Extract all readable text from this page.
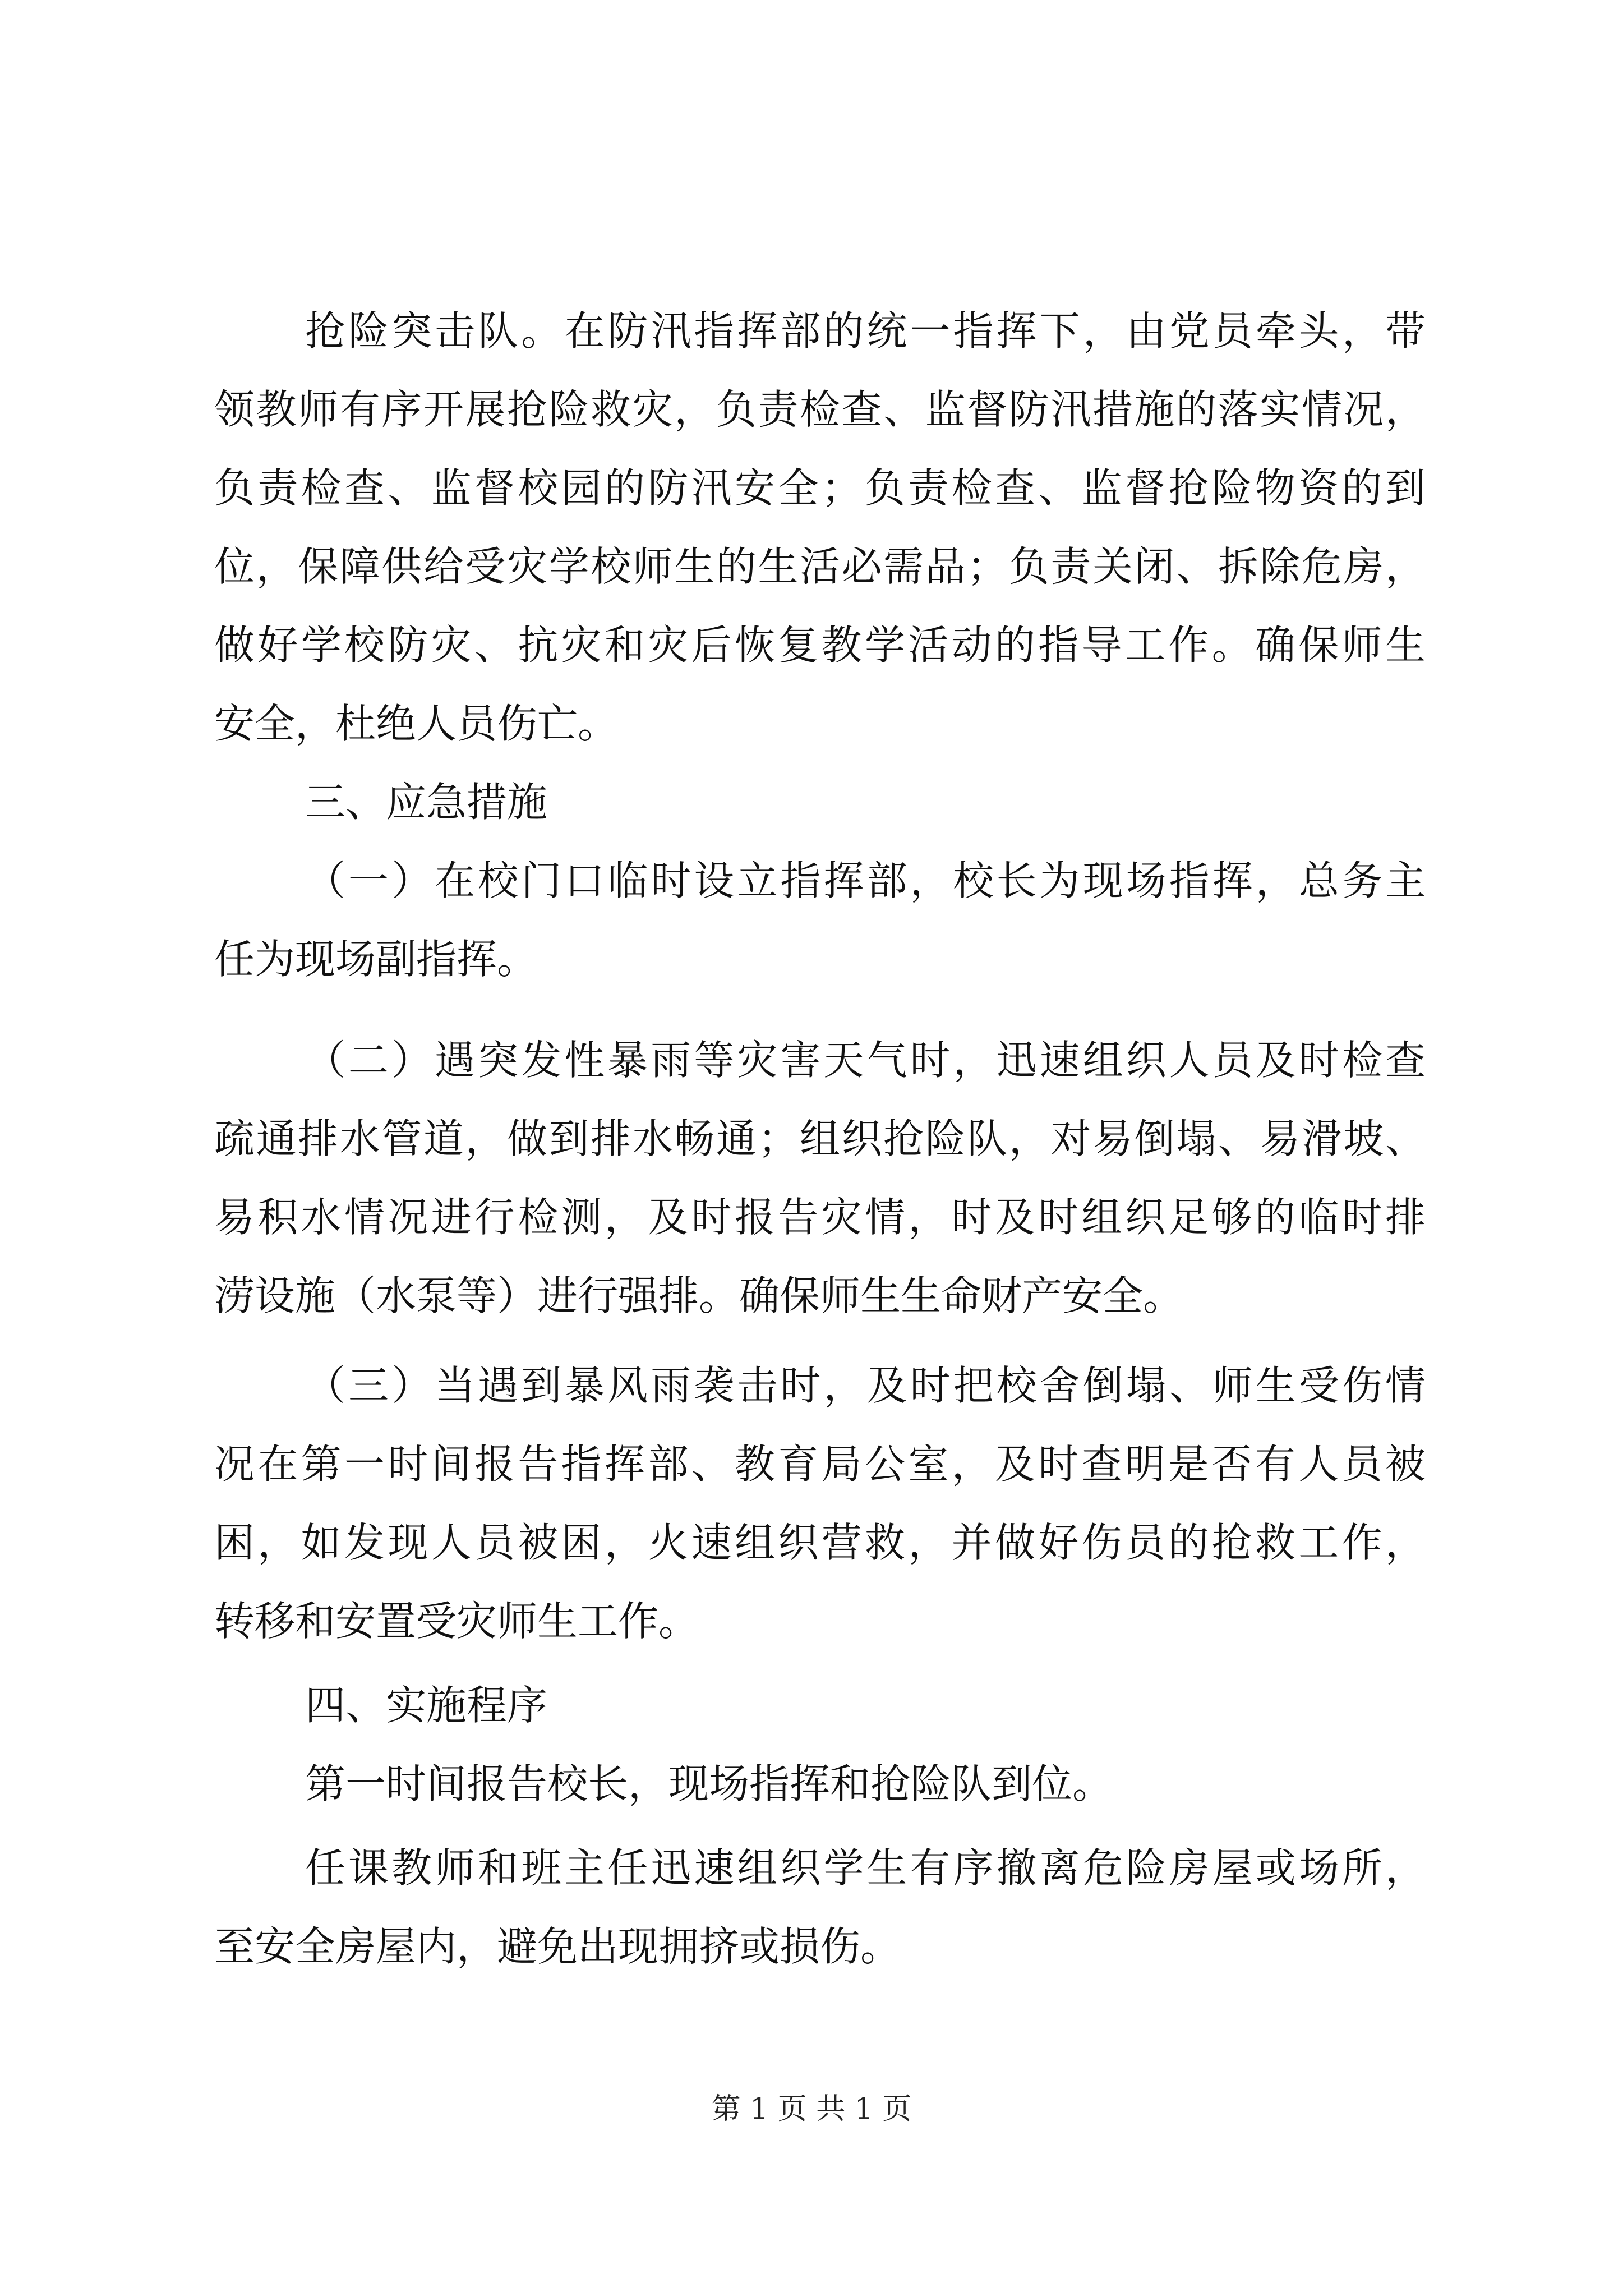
抢险突击队。在防汛指挥部的统一指挥下，由党员牵头，带
领教师有序开展抢险救灾，负责检查、监督防汛措施的落实情况，
负责检查、监督校园的防汛安全；负责检查、监督抢险物资的到
位，保障供给受灾学校师生的生活必需品；负责关闭、拆除危房，
做好学校防灾、抗灾和灾后恢复教学活动的指导工作。确保师生
安全，杜绝人员伤亡。
三、应急措施
（一）在校门口临时设立指挥部，校长为现场指挥，总务主
任为现场副指挥。
（二）遇突发性暴雨等灾害天气时，迅速组织人员及时检查
疏通排水管道，做到排水畅通；组织抢险队，对易倒塌、易滑坡、
易积水情况进行检测，及时报告灾情，时及时组织足够的临时排
涝设施（水泵等）进行强排。确保师生生命财产安全。
（三）当遇到暴风雨袭击时，及时把校舍倒塌、师生受伤情
况在第一时间报告指挥部、教育局公室，及时查明是否有人员被
困，如发现人员被困，火速组织营救，并做好伤员的抢救工作，
转移和安置受灾师生工作。
四、实施程序
第一时间报告校长，现场指挥和抢险队到位。
任课教师和班主任迅速组织学生有序撤离危险房屋或场所，
至安全房屋内，避免出现拥挤或损伤。
第 1 页 共 1 页
